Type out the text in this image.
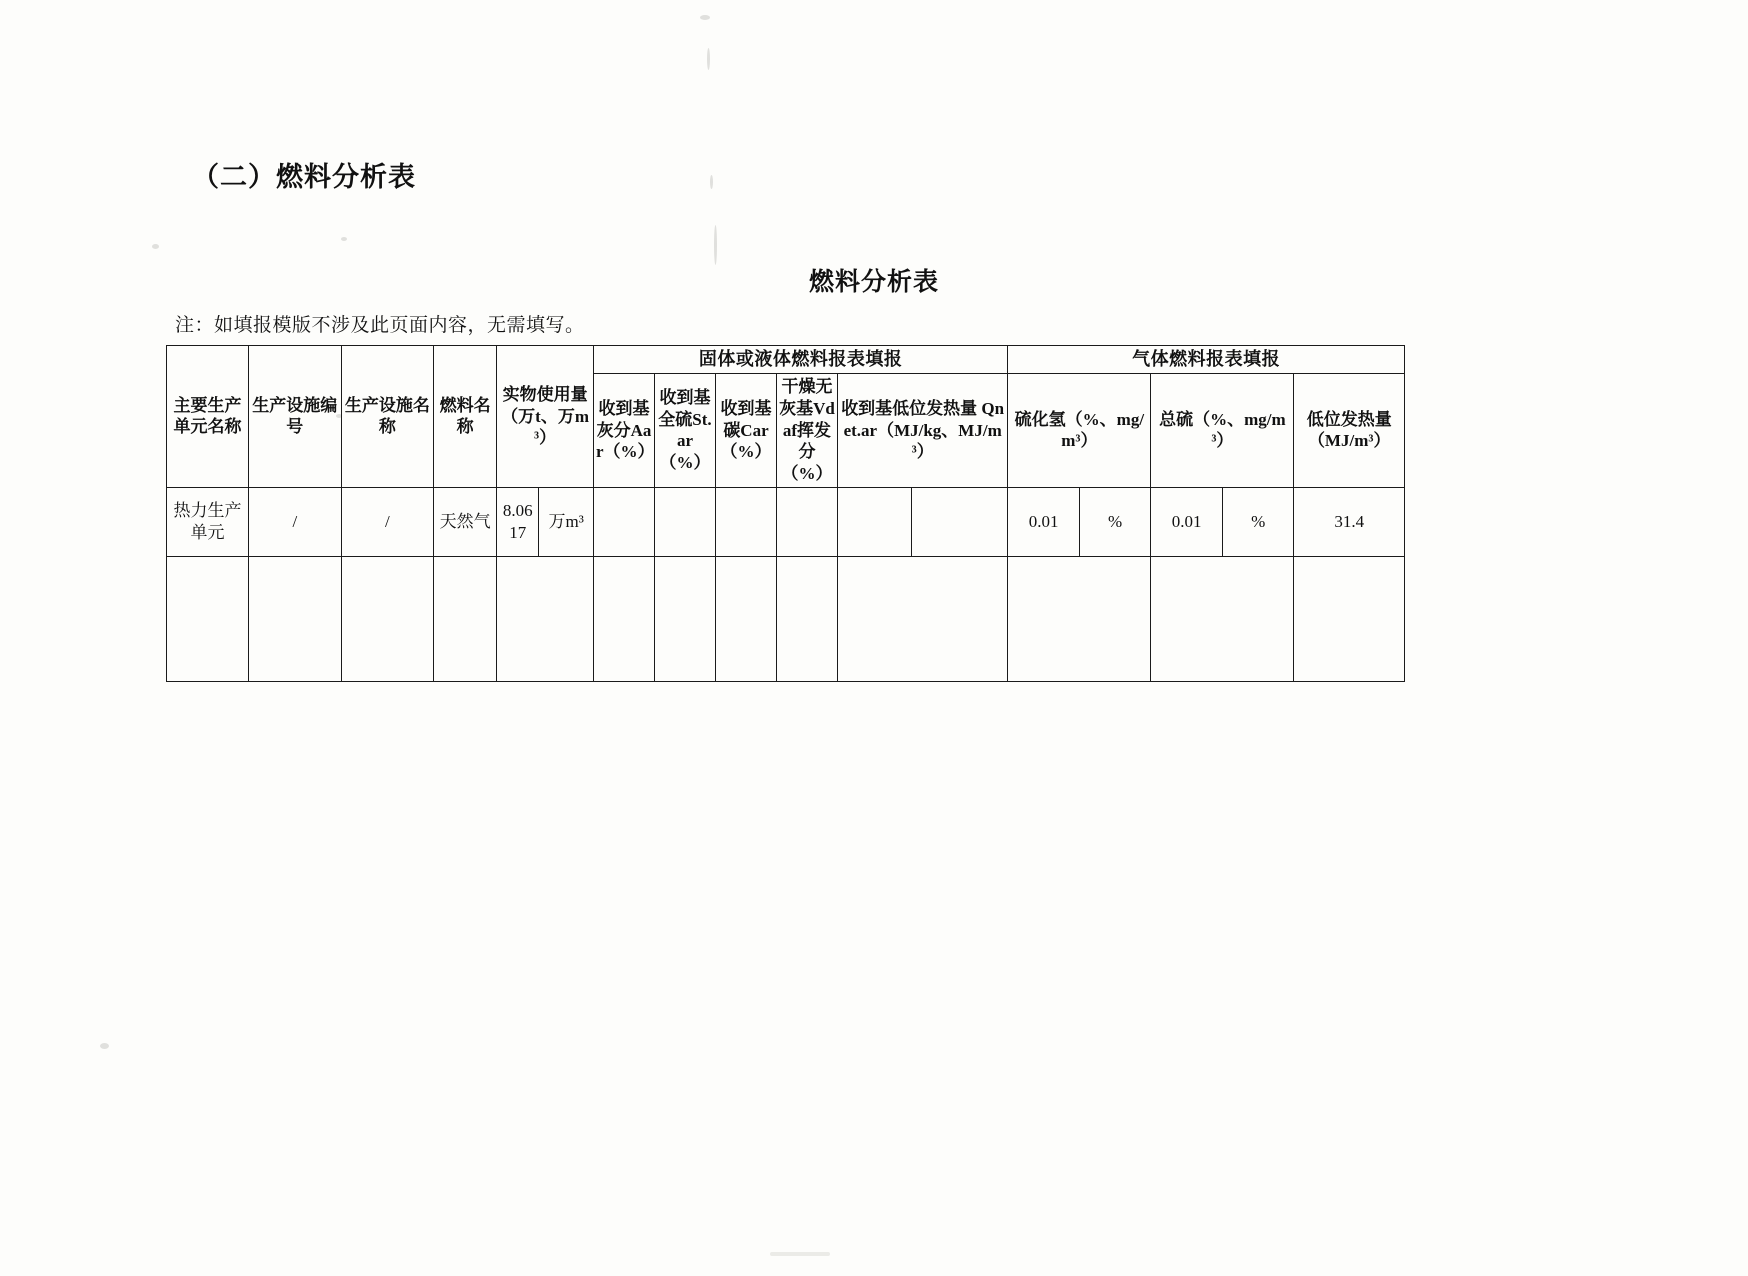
（二）燃料分析表
燃料分析表
注：如填报模版不涉及此页面内容，无需填写。
主要生产单元名称	生产设施编号	生产设施名称	燃料名称	实物使用量（万t、万m³）		固体或液体燃料报表填报						气体燃料报表填报				
						收到基灰分Aar（%）	收到基全硫St.ar（%）	收到基碳Car（%）	干燥无灰基Vdaf挥发分（%）	收到基低位发热量 Qnet.ar（MJ/kg、MJ/m³）		硫化氢（%、mg/m³）		总硫（%、mg/m³）		低位发热量（MJ/m³）
热力生产单元	/	/	天然气	8.0617	万m³							0.01	%	0.01	%	31.4
